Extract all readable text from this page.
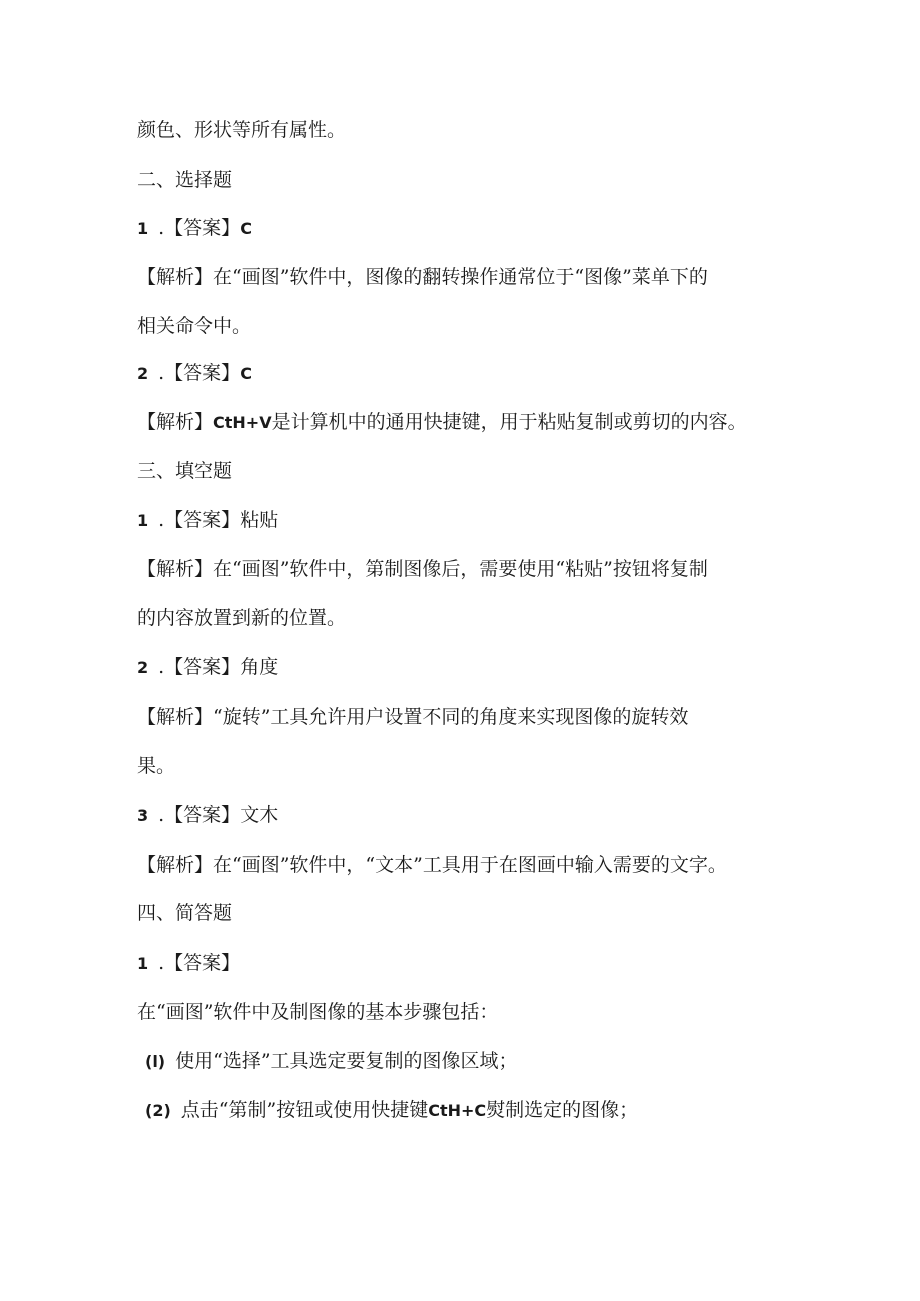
颜色、形状等所有属性。
二、选择题
1 .【答案】C
【解析】在“画图”软件中，图像的翻转操作通常位于“图像”菜单下的
相关命令中。
2 .【答案】C
【解析】CtH+V是计算机中的通用快捷键，用于粘贴复制或剪切的内容。
三、填空题
1 .【答案】粘贴
【解析】在“画图”软件中，第制图像后，需要使用“粘贴”按钮将复制
的内容放置到新的位置。
2 .【答案】角度
【解析】“旋转”工具允许用户设置不同的角度来实现图像的旋转效
果。
3 .【答案】文木
【解析】在“画图”软件中，“文本”工具用于在图画中输入需要的文字。
四、简答题
1 .【答案】
在“画图”软件中及制图像的基本步骤包括：
(l) 使用“选择”工具选定要复制的图像区域；
(2) 点击“第制”按钮或使用快捷键CtH+C熨制选定的图像；
